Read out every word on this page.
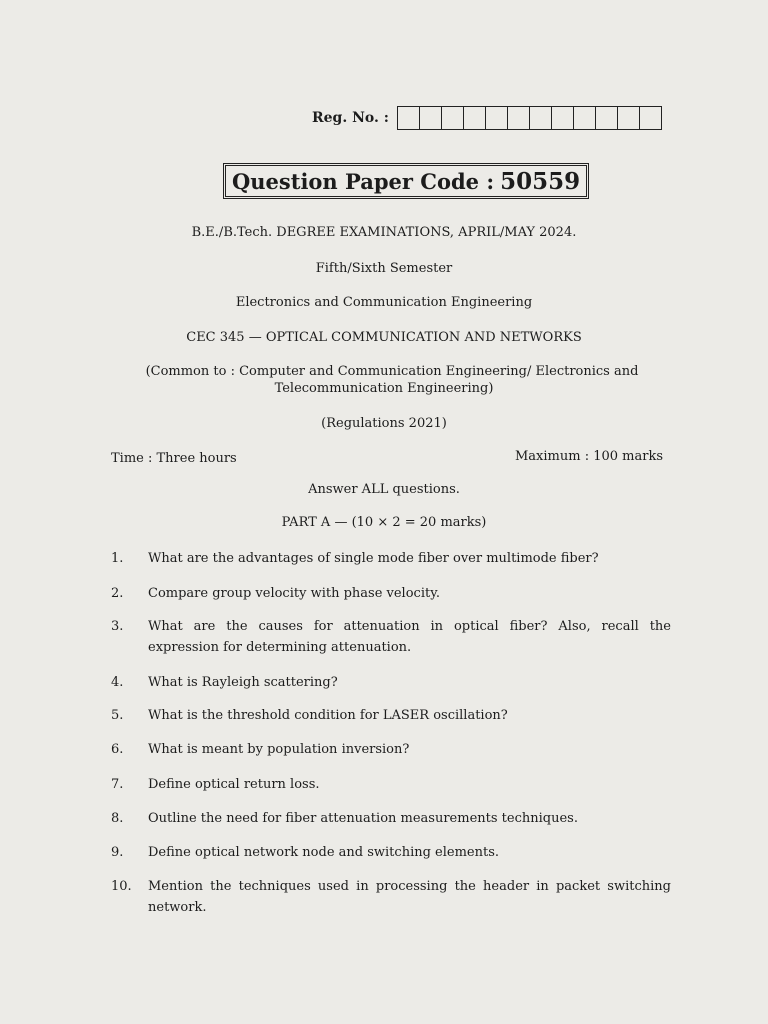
Reg. No. :
Question Paper Code : 50559
B.E./B.Tech. DEGREE EXAMINATIONS, APRIL/MAY 2024.
Fifth/Sixth Semester
Electronics and Communication Engineering
CEC 345 — OPTICAL COMMUNICATION AND NETWORKS
(Common to : Computer and Communication Engineering/ Electronics and
Telecommunication Engineering)
(Regulations 2021)
Time : Three hours	Maximum : 100 marks
Answer ALL questions.
PART A — (10 × 2 = 20 marks)
1.	What are the advantages of single mode fiber over multimode fiber?
2.	Compare group velocity with phase velocity.
3.	What are the causes for attenuation in optical fiber? Also, recall the expression for determining attenuation.
4.	What is Rayleigh scattering?
5.	What is the threshold condition for LASER oscillation?
6.	What is meant by population inversion?
7.	Define optical return loss.
8.	Outline the need for fiber attenuation measurements techniques.
9.	Define optical network node and switching elements.
10.	Mention the techniques used in processing the header in packet switching network.
